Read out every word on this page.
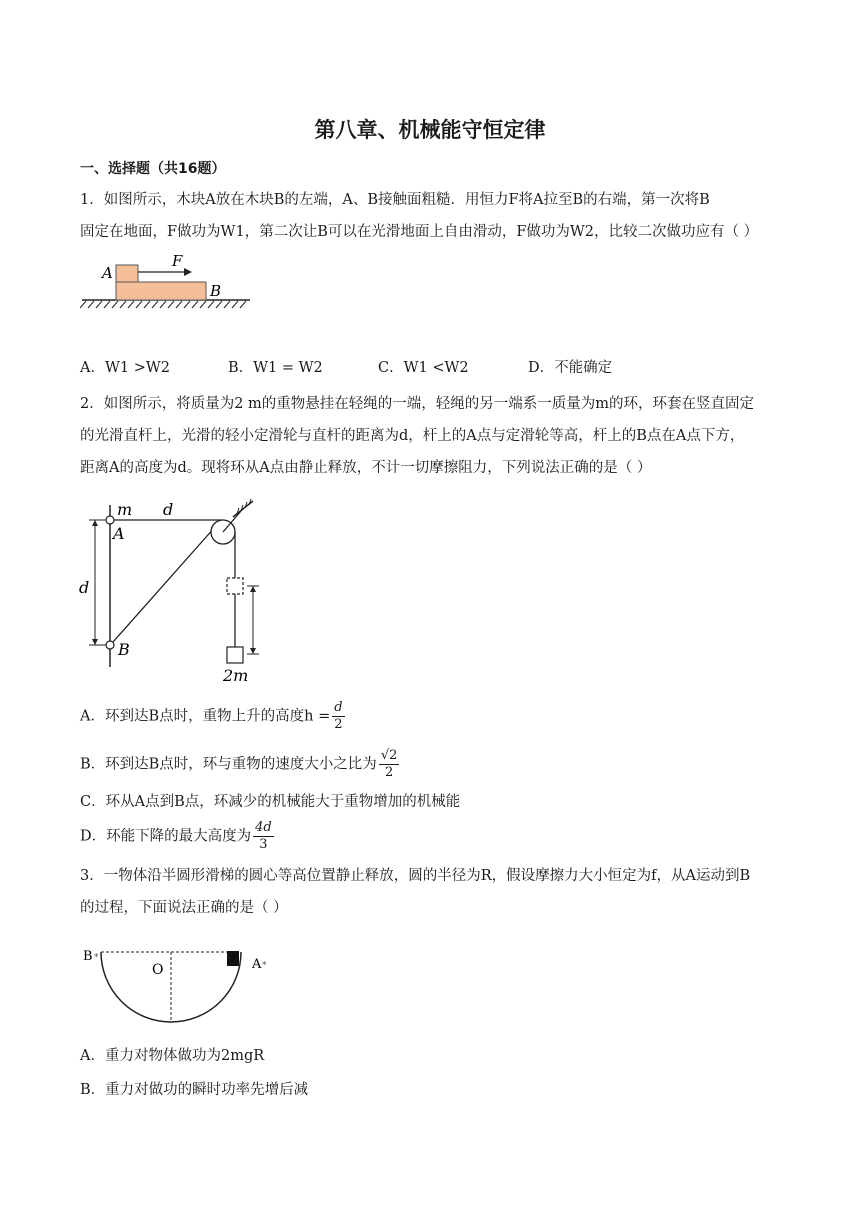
第八章、机械能守恒定律
一、选择题（共16题）
1．如图所示，木块A放在木块B的左端，A、B接触面粗糙．用恒力F将A拉至B的右端，第一次将B
固定在地面，F做功为W1，第二次让B可以在光滑地面上自由滑动，F做功为W2，比较二次做功应有（ ）
A
F
B
A．W1 >W2	B．W1 = W2	C．W1 <W2	D．不能确定
2．如图所示，将质量为2 m的重物悬挂在轻绳的一端，轻绳的另一端系一质量为m的环，环套在竖直固定
的光滑直杆上，光滑的轻小定滑轮与直杆的距离为d，杆上的A点与定滑轮等高，杆上的B点在A点下方，
距离A的高度为d。现将环从A点由静止释放，不计一切摩擦阻力，下列说法正确的是（ ）
m d
A
d
B
2m
A．环到达B点时，重物上升的高度$h = \frac{d}{2}$
B．环到达B点时，环与重物的速度大小之比为 $\frac{√2}{2}$
C．环从A点到B点，环减少的机械能大于重物增加的机械能
D．环能下降的最大高度为 $\frac{4d}{3}$
3．一物体沿半圆形滑梯的圆心等高位置静止释放，圆的半径为R，假设摩擦力大小恒定为f，从A运动到B
的过程，下面说法正确的是（ ）
B *
O	A *
A．重力对物体做功为2mgR
B．重力对做功的瞬时功率先增后减
